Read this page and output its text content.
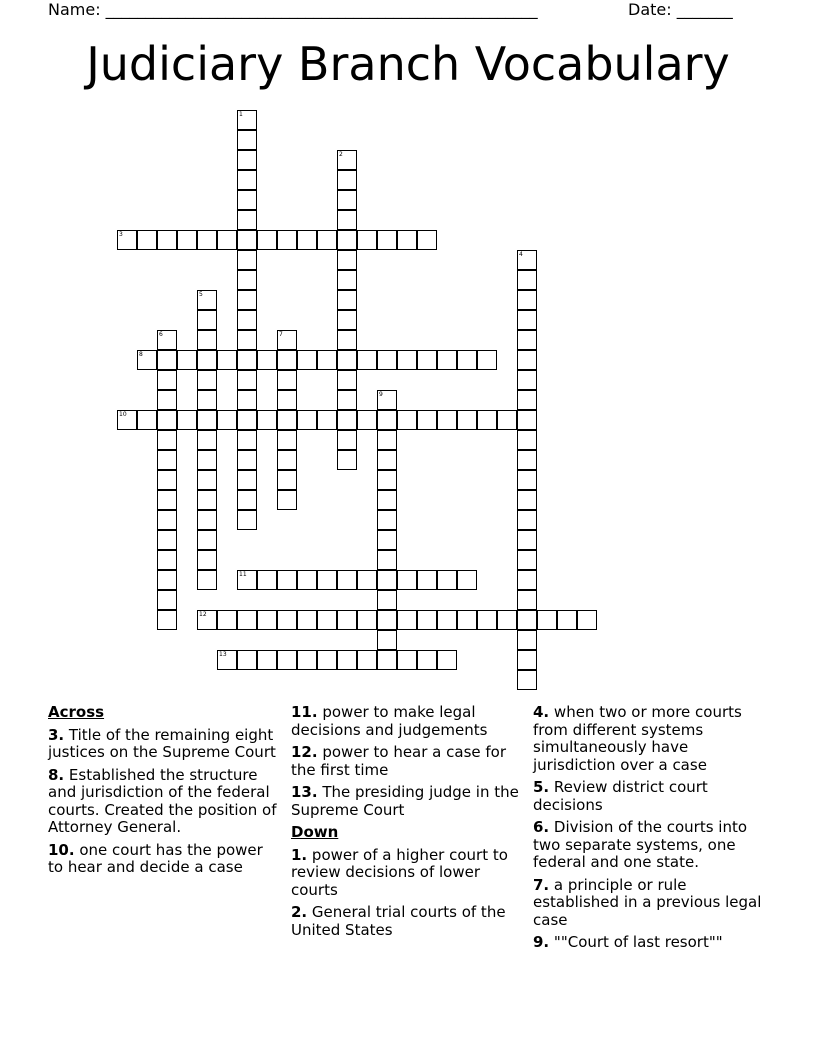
Name: ______________________________________________________	Date: _______
Judiciary Branch Vocabulary
1
2
3
4
5
6	7
8
9
10
11
12
13
Across
3. Title of the remaining eight justices on the Supreme Court
8. Established the structure and jurisdiction of the federal courts. Created the position of Attorney General.
10. one court has the power to hear and decide a case
11. power to make legal decisions and judgements
12. power to hear a case for the first time
13. The presiding judge in the Supreme Court
Down
1. power of a higher court to review decisions of lower courts
2. General trial courts of the United States
4. when two or more courts from different systems simultaneously have jurisdiction over a case
5. Review district court decisions
6. Division of the courts into two separate systems, one federal and one state.
7. a principle or rule established in a previous legal case
9. ""Court of last resort""
